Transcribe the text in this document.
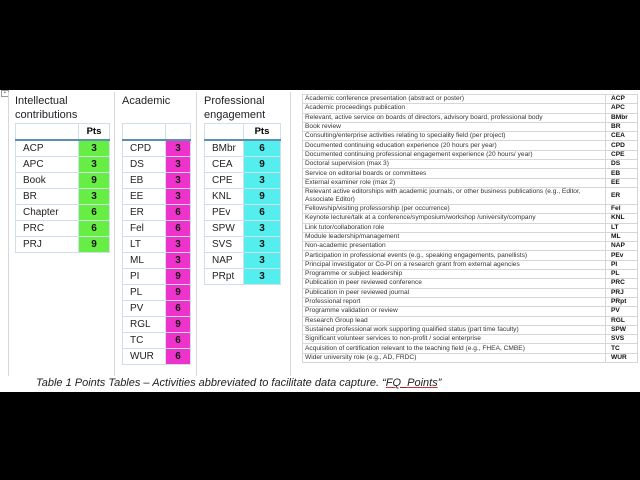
+
Intellectual
contributions
	Pts
ACP	3
APC	3
Book	9
BR	3
Chapter	6
PRC	6
PRJ	9
Academic

CPD	3
DS	3
EB	3
EE	3
ER	6
Fel	6
LT	3
ML	3
PI	9
PL	9
PV	6
RGL	9
TC	6
WUR	6
Professional
engagement
	Pts
BMbr	6
CEA	9
CPE	3
KNL	9
PEv	6
SPW	3
SVS	3
NAP	3
PRpt	3
Academic conference presentation (abstract or poster)	ACP
Academic proceedings publication	APC
Relevant, active service on boards of directors, advisory board, professional body	BMbr
Book review	BR
Consulting/enterprise activities relating to speciality field (per project)	CEA
Documented continuing education experience (20 hours per year)	CPD
Documented continuing professional engagement experience (20 hours/ year)	CPE
Doctoral supervision (max 3)	DS
Service on editorial boards or committees	EB
External examiner role (max 2)	EE
Relevant active editorships with academic journals, or other business publications (e.g., Editor, Associate Editor)	ER
Fellowship/visiting professorship (per occurrence)	Fel
Keynote lecture/talk at a conference/symposium/workshop /university/company	KNL
Link tutor/collaboration role	LT
Module leadership/management	ML
Non-academic presentation	NAP
Participation in professional events (e.g., speaking engagements, panellists)	PEv
Principal investigator or Co-PI on a research grant from external agencies	PI
Programme or subject leadership	PL
Publication in peer reviewed conference	PRC
Publication in peer reviewed journal	PRJ
Professional report	PRpt
Programme validation or review	PV
Research Group lead	RGL
Sustained professional work supporting qualified status (part time faculty)	SPW
Significant volunteer services to non-profit / social enterprise	SVS
Acquisition of certification relevant to the teaching field (e.g., FHEA, CMBE)	TC
Wider university role (e.g., AD, FRDC)	WUR
Table 1 Points Tables – Activities abbreviated to facilitate data capture. “FQ_Points”
